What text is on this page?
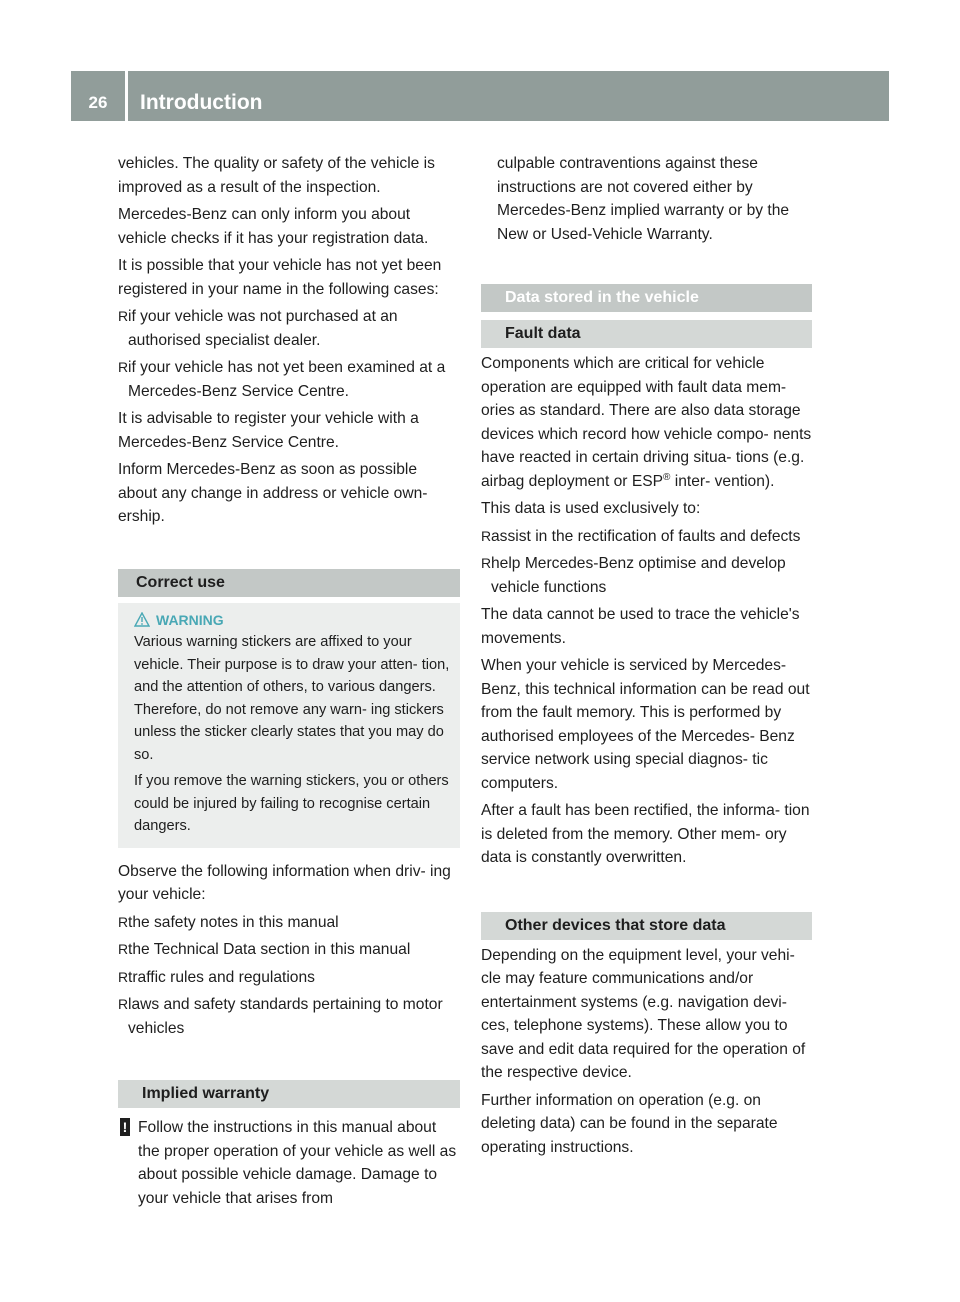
26	Introduction

vehicles. The quality or safety of the vehicle is improved as a result of the inspection.

Mercedes-Benz can only inform you about vehicle checks if it has your registration data.

It is possible that your vehicle has not yet been registered in your name in the following cases:

R if your vehicle was not purchased at an authorised specialist dealer.
R if your vehicle has not yet been examined at a Mercedes-Benz Service Centre.

It is advisable to register your vehicle with a Mercedes-Benz Service Centre.

Inform Mercedes-Benz as soon as possible about any change in address or vehicle own- ership.

Correct use
WARNING

Various warning stickers are affixed to your vehicle. Their purpose is to draw your atten- tion, and the attention of others, to various dangers. Therefore, do not remove any warn- ing stickers unless the sticker clearly states that you may do so.

If you remove the warning stickers, you or others could be injured by failing to recognise certain dangers.

Observe the following information when driv- ing your vehicle:

R the safety notes in this manual
R the Technical Data section in this manual
R traffic rules and regulations
R laws and safety standards pertaining to motor vehicles
Implied warranty
! Follow the instructions in this manual about the proper operation of your vehicle as well as about possible vehicle damage. Damage to your vehicle that arises from

culpable contraventions against these instructions are not covered either by Mercedes-Benz implied warranty or by the New or Used-Vehicle Warranty.

Data stored in the vehicle
Fault data

Components which are critical for vehicle operation are equipped with fault data mem- ories as standard. There are also data storage devices which record how vehicle compo- nents have reacted in certain driving situa- tions (e.g. airbag deployment or ESP® inter- vention).

This data is used exclusively to:

R assist in the rectification of faults and defects
R help Mercedes-Benz optimise and develop vehicle functions

The data cannot be used to trace the vehicle's movements.

When your vehicle is serviced by Mercedes- Benz, this technical information can be read out from the fault memory. This is performed by authorised employees of the Mercedes- Benz service network using special diagnos- tic computers.

After a fault has been rectified, the informa- tion is deleted from the memory. Other mem- ory data is constantly overwritten.

Other devices that store data

Depending on the equipment level, your vehi- cle may feature communications and/or entertainment systems (e.g. navigation devi- ces, telephone systems). These allow you to save and edit data required for the operation of the respective device.

Further information on operation (e.g. on deleting data) can be found in the separate operating instructions.
